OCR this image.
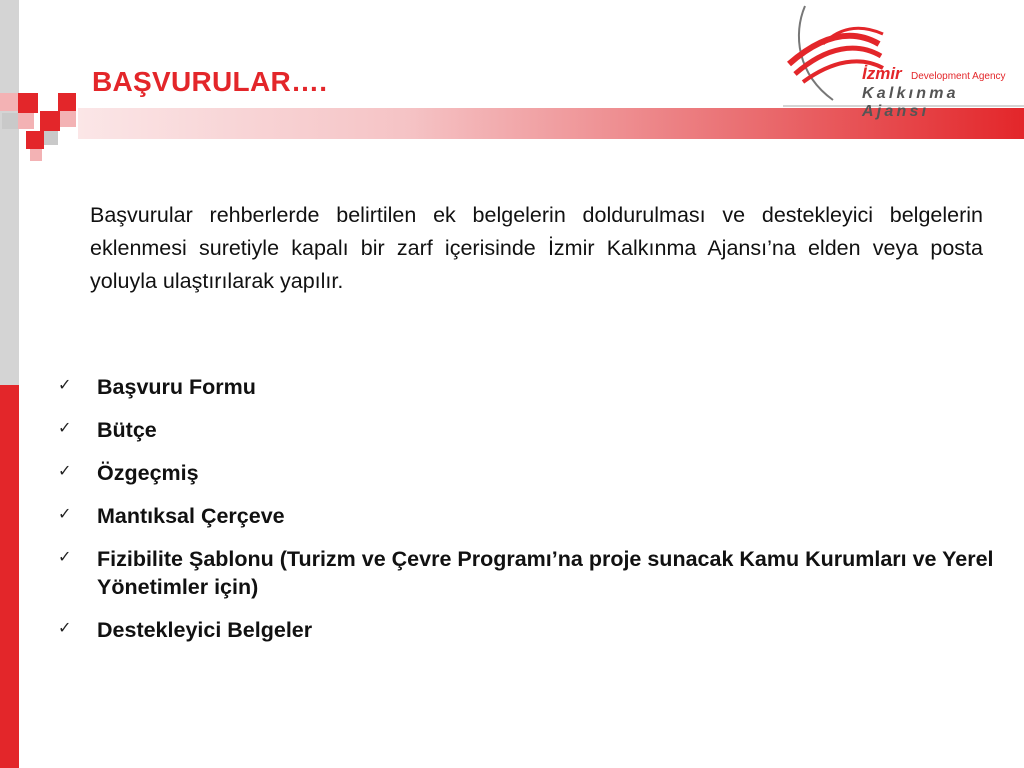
BAŞVURULAR….	İzmir Development Agency
Kalkınma Ajansı
Başvurular rehberlerde belirtilen ek belgelerin doldurulması ve destekleyici belgelerin eklenmesi suretiyle kapalı bir zarf içerisinde İzmir Kalkınma Ajansı’na elden veya posta yoluyla ulaştırılarak yapılır.
✓ Başvuru Formu
✓ Bütçe
✓ Özgeçmiş
✓ Mantıksal Çerçeve
✓ Fizibilite Şablonu (Turizm ve Çevre Programı’na proje sunacak Kamu Kurumları ve Yerel Yönetimler için)
✓ Destekleyici Belgeler
